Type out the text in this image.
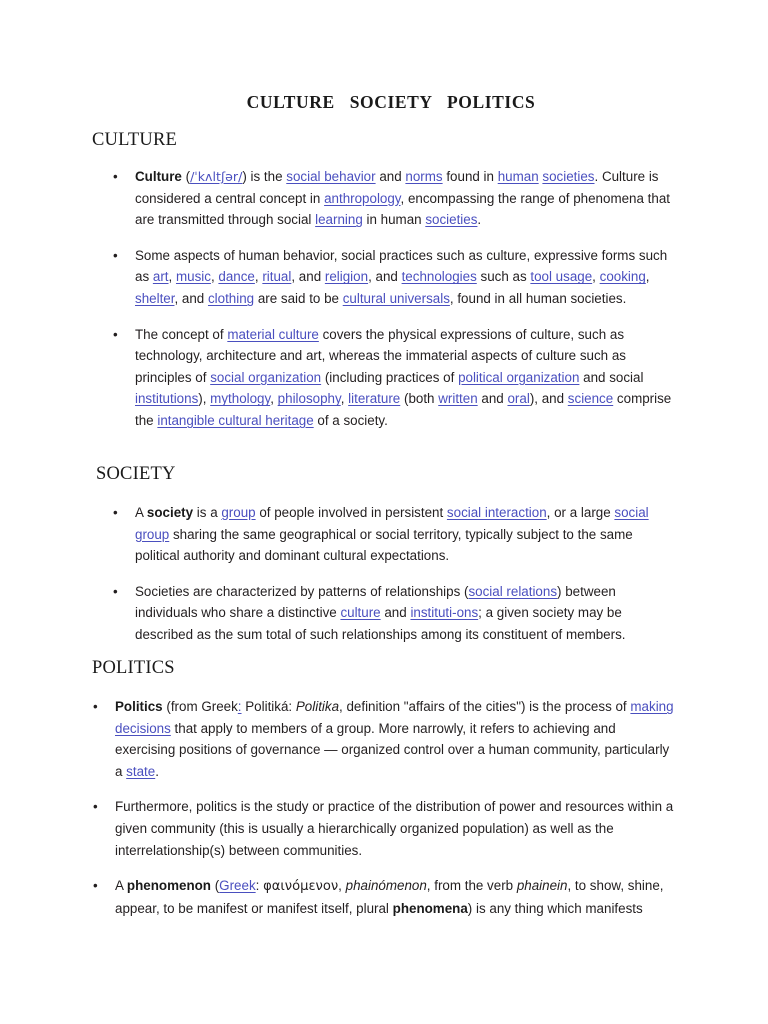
CULTURE   SOCIETY   POLITICS
CULTURE
•	Culture (/ˈkʌltʃər/) is the social behavior and norms found in human societies. Culture is considered a central concept in anthropology, encompassing the range of phenomena that are transmitted through social learning in human societies.
•	Some aspects of human behavior, social practices such as culture, expressive forms such as art, music, dance, ritual, and religion, and technologies such as tool usage, cooking, shelter, and clothing are said to be cultural universals, found in all human societies.
•	The concept of material culture covers the physical expressions of culture, such as technology, architecture and art, whereas the immaterial aspects of culture such as principles of social organization (including practices of political organization and social institutions), mythology, philosophy, literature (both written and oral), and science comprise the intangible cultural heritage of a society.
SOCIETY
•	A society is a group of people involved in persistent social interaction, or a large social group sharing the same geographical or social territory, typically subject to the same political authority and dominant cultural expectations.
•	Societies are characterized by patterns of relationships (social relations) between individuals who share a distinctive culture and instituti-ons; a given society may be described as the sum total of such relationships among its constituent of members.
POLITICS
•	Politics (from Greek: Politiká: Politika, definition "affairs of the cities") is the process of making decisions that apply to members of a group. More narrowly, it refers to achieving and exercising positions of governance — organized control over a human community, particularly a state.
•	Furthermore, politics is the study or practice of the distribution of power and resources within a given community (this is usually a hierarchically organized population) as well as the interrelationship(s) between communities.
•	A phenomenon (Greek: φαινόμενον, phainómenon, from the verb phainein, to show, shine, appear, to be manifest or manifest itself, plural phenomena) is any thing which manifests
